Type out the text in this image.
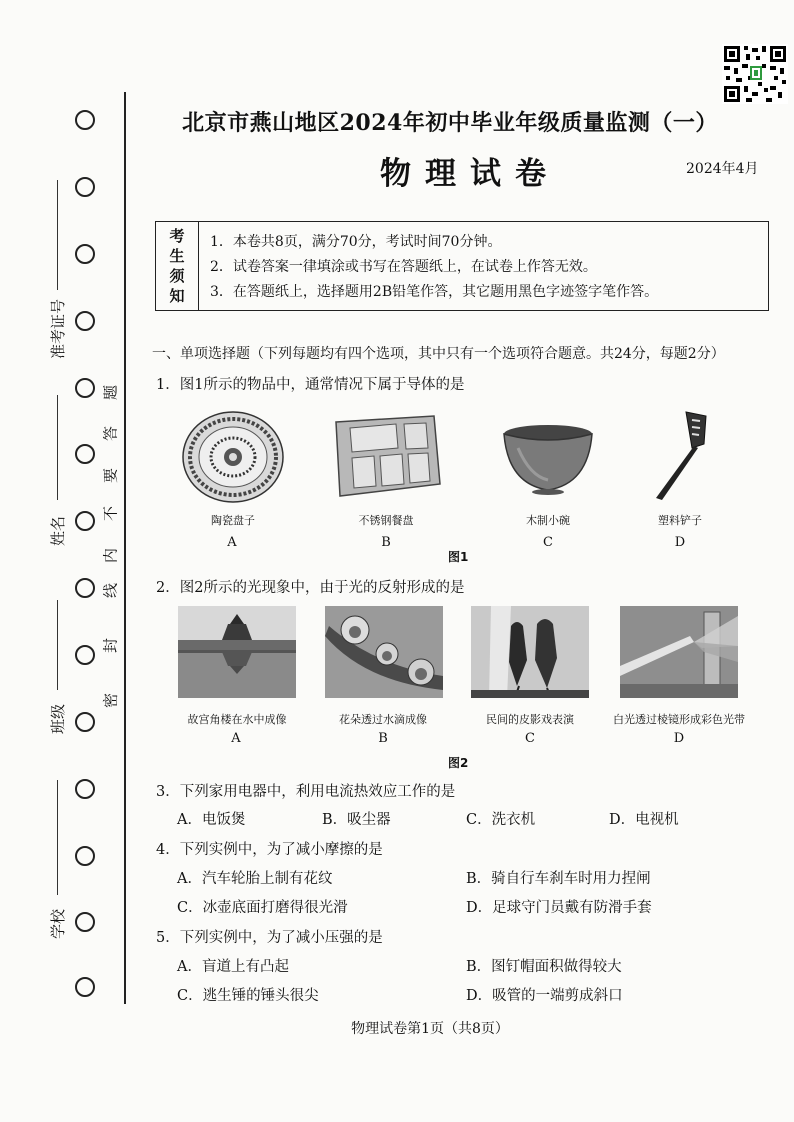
准考证号
姓名
班级
学校
密
封
线
内
不
要
答
题
北京市燕山地区2024年初中毕业年级质量监测（一）
物理试卷	2024年4月
考
生
须
知
1．本卷共8页，满分70分，考试时间70分钟。
2．试卷答案一律填涂或书写在答题纸上，在试卷上作答无效。
3．在答题纸上，选择题用2B铅笔作答，其它题用黑色字迹签字笔作答。
一、单项选择题（下列每题均有四个选项，其中只有一个选项符合题意。共24分，每题2分）
1．图1所示的物品中，通常情况下属于导体的是
陶瓷盘子
A
不锈钢餐盘
B
木制小碗
C
塑料铲子
D
图1
2．图2所示的光现象中，由于光的反射形成的是
故宫角楼在水中成像
A
花朵透过水滴成像
B
民间的皮影戏表演
C
白光透过棱镜形成彩色光带
D
图2
3．下列家用电器中，利用电流热效应工作的是
A．电饭煲	B．吸尘器	C．洗衣机	D．电视机
4．下列实例中，为了减小摩擦的是
A．汽车轮胎上制有花纹	B．骑自行车刹车时用力捏闸
C．冰壶底面打磨得很光滑	D．足球守门员戴有防滑手套
5．下列实例中，为了减小压强的是
A．盲道上有凸起	B．图钉帽面积做得较大
C．逃生锤的锤头很尖	D．吸管的一端剪成斜口
物理试卷第1页（共8页）
